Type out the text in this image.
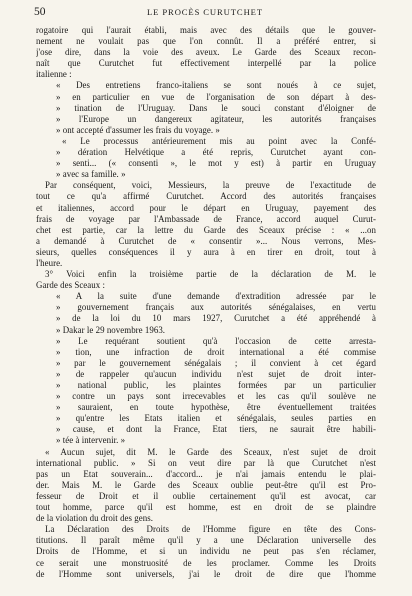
50	LE PROCÈS CURUTCHET
rogatoire qui l'aurait établi, mais avec des détails que le gouver-
nement ne voulait pas que l'on connût. Il a préféré entrer, si
j'ose dire, dans la voie des aveux. Le Garde des Sceaux recon-
naît que Curutchet fut effectivement interpellé par la police
italienne :
« Des entretiens franco-italiens se sont noués à ce sujet,
» en particulier en vue de l'organisation de son départ à des-
» tination de l'Uruguay. Dans le souci constant d'éloigner de
» l'Europe un dangereux agitateur, les autorités françaises
» ont accepté d'assumer les frais du voyage. »
« Le processus antérieurement mis au point avec la Confé-
» dération Helvétique a été repris, Curutchet ayant con-
» senti... (« consenti », le mot y est) à partir en Uruguay
» avec sa famille. »
Par conséquent, voici, Messieurs, la preuve de l'exactitude de
tout ce qu'a affirmé Curutchet. Accord des autorités françaises
et italiennes, accord pour le départ en Uruguay, payement des
frais de voyage par l'Ambassade de France, accord auquel Curut-
chet est partie, car la lettre du Garde des Sceaux précise : « ...on
a demandé à Curutchet de « consentir »... Nous verrons, Mes-
sieurs, quelles conséquences il y aura à en tirer en droit, tout à
l'heure.
3° Voici enfin la troisième partie de la déclaration de M. le
Garde des Sceaux :
« A la suite d'une demande d'extradition adressée par le
» gouvernement français aux autorités sénégalaises, en vertu
» de la loi du 10 mars 1927, Curutchet a été appréhendé à
» Dakar le 29 novembre 1963.
» Le requérant soutient qu'à l'occasion de cette arresta-
» tion, une infraction de droit international a été commise
» par le gouvernement sénégalais ; il convient à cet égard
» de rappeler qu'aucun individu n'est sujet de droit inter-
» national public, les plaintes formées par un particulier
» contre un pays sont irrecevables et les cas qu'il soulève ne
» sauraient, en toute hypothèse, être éventuellement traitées
» qu'entre les Etats italien et sénégalais, seules parties en
» cause, et dont la France, Etat tiers, ne saurait être habili-
» tée à intervenir. »
« Aucun sujet, dit M. le Garde des Sceaux, n'est sujet de droit
international public. » Si on veut dire par là que Curutchet n'est
pas un Etat souverain... d'accord... je n'ai jamais entendu le plai-
der. Mais M. le Garde des Sceaux oublie peut-être qu'il est Pro-
fesseur de Droit et il oublie certainement qu'il est avocat, car
tout homme, parce qu'il est homme, est en droit de se plaindre
de la violation du droit des gens.
La Déclaration des Droits de l'Homme figure en tête des Cons-
titutions. Il paraît même qu'il y a une Déclaration universelle des
Droits de l'Homme, et si un individu ne peut pas s'en réclamer,
ce serait une monstruosité de les proclamer. Comme les Droits
de l'Homme sont universels, j'ai le droit de dire que l'homme
